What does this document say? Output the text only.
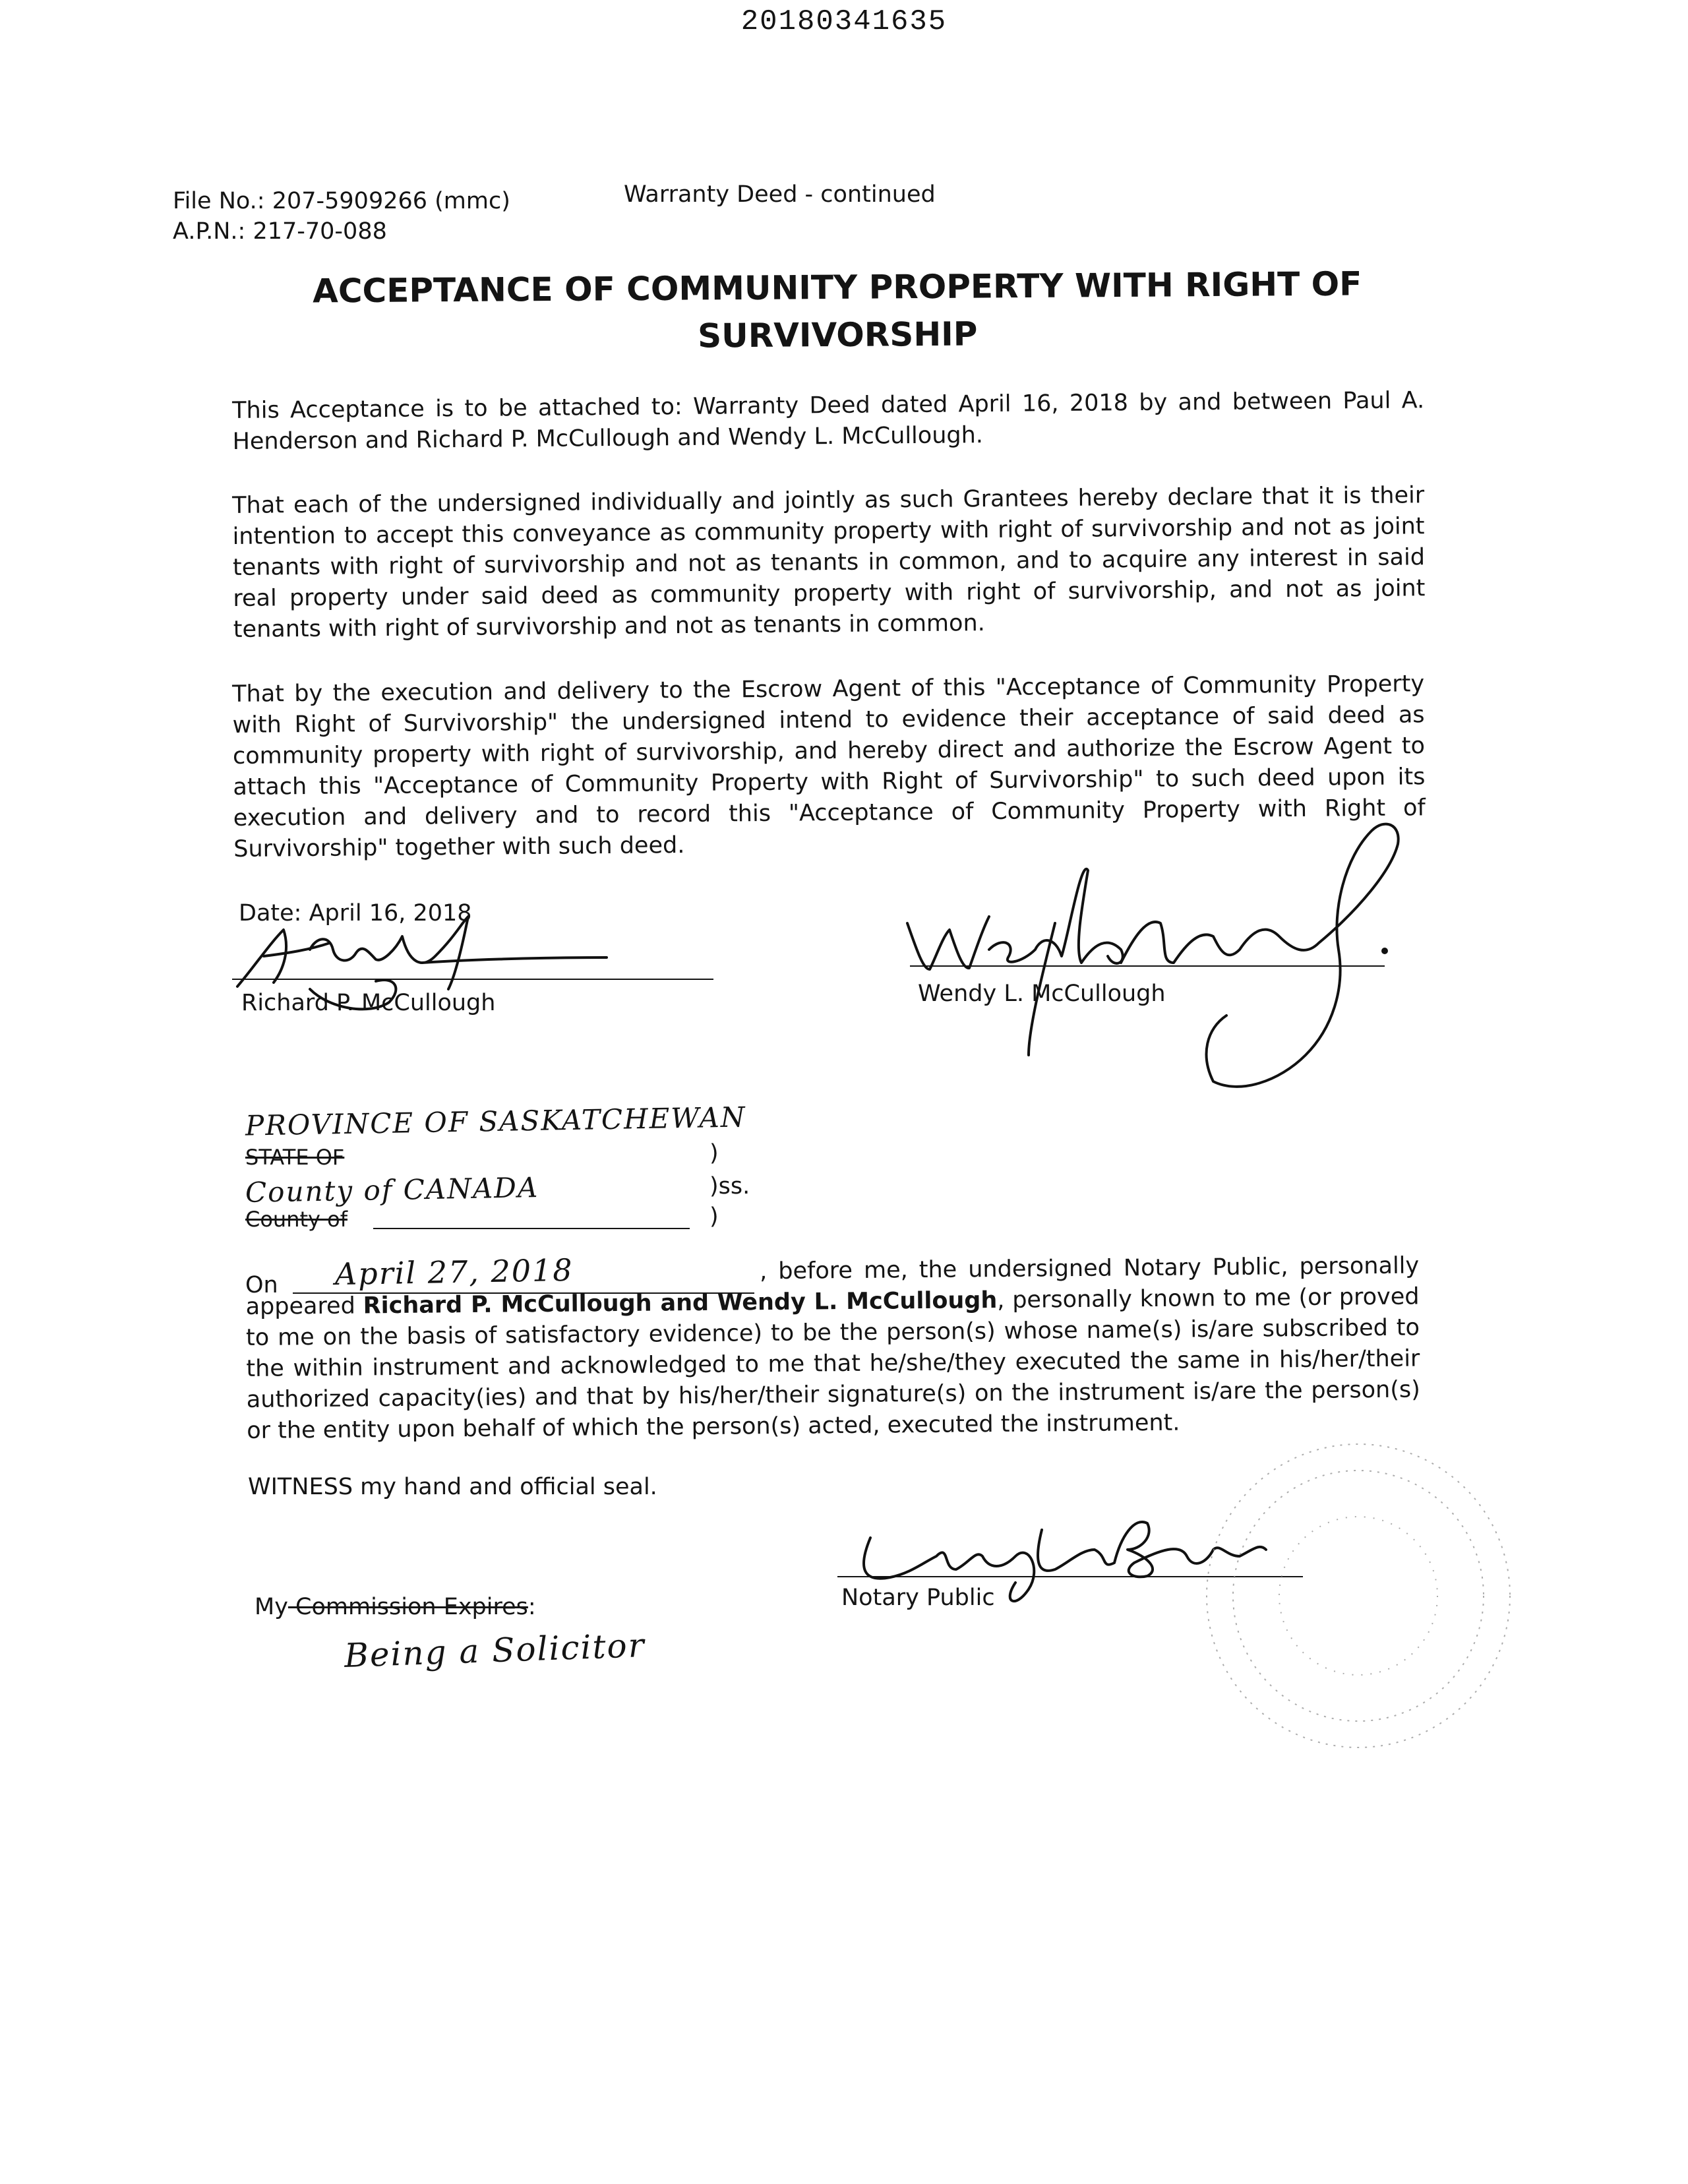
20180341635
File No.: 207-5909266 (mmc)
A.P.N.: 217-70-088
Warranty Deed - continued
ACCEPTANCE OF COMMUNITY PROPERTY WITH RIGHT OF SURVIVORSHIP
This Acceptance is to be attached to: Warranty Deed dated April 16, 2018 by and between Paul A. Henderson and Richard P. McCullough and Wendy L. McCullough.
That each of the undersigned individually and jointly as such Grantees hereby declare that it is their intention to accept this conveyance as community property with right of survivorship and not as joint tenants with right of survivorship and not as tenants in common, and to acquire any interest in said real property under said deed as community property with right of survivorship, and not as joint tenants with right of survivorship and not as tenants in common.
That by the execution and delivery to the Escrow Agent of this "Acceptance of Community Property with Right of Survivorship" the undersigned intend to evidence their acceptance of said deed as community property with right of survivorship, and hereby direct and authorize the Escrow Agent to attach this "Acceptance of Community Property with Right of Survivorship" to such deed upon its execution and delivery and to record this "Acceptance of Community Property with Right of Survivorship" together with such deed.
Date: April 16, 2018
Richard P. McCullough	Wendy L. McCullough
PROVINCE OF SASKATCHEWAN
STATE OF	)
County of CANADA	)ss.
County of	)
On April 27, 2018	, before me, the undersigned Notary Public, personally appeared Richard P. McCullough and Wendy L. McCullough, personally known to me (or proved to me on the basis of satisfactory evidence) to be the person(s) whose name(s) is/are subscribed to the within instrument and acknowledged to me that he/she/they executed the same in his/her/their authorized capacity(ies) and that by his/her/their signature(s) on the instrument is/are the person(s) or the entity upon behalf of which the person(s) acted, executed the instrument.
WITNESS my hand and official seal.
My Commission Expires:
Being a Solicitor
Notary Public
